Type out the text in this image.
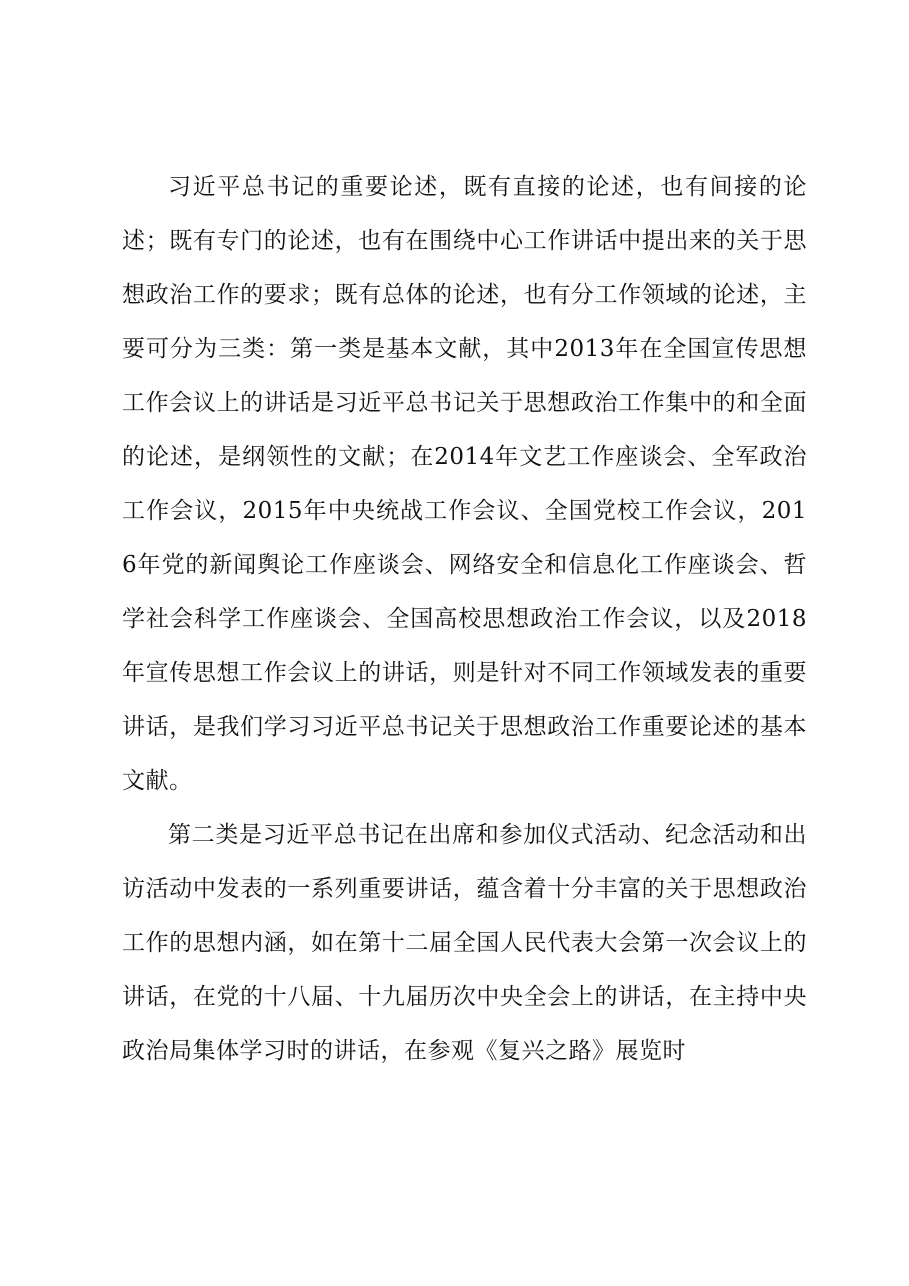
习近平总书记的重要论述，既有直接的论述，也有间接的论述；既有专门的论述，也有在围绕中心工作讲话中提出来的关于思想政治工作的要求；既有总体的论述，也有分工作领域的论述，主要可分为三类：第一类是基本文献，其中2013年在全国宣传思想工作会议上的讲话是习近平总书记关于思想政治工作集中的和全面的论述，是纲领性的文献；在2014年文艺工作座谈会、全军政治工作会议，2015年中央统战工作会议、全国党校工作会议，2016年党的新闻舆论工作座谈会、网络安全和信息化工作座谈会、哲学社会科学工作座谈会、全国高校思想政治工作会议，以及2018年宣传思想工作会议上的讲话，则是针对不同工作领域发表的重要讲话，是我们学习习近平总书记关于思想政治工作重要论述的基本文献。

第二类是习近平总书记在出席和参加仪式活动、纪念活动和出访活动中发表的一系列重要讲话，蕴含着十分丰富的关于思想政治工作的思想内涵，如在第十二届全国人民代表大会第一次会议上的讲话，在党的十八届、十九届历次中央全会上的讲话，在主持中央政治局集体学习时的讲话，在参观《复兴之路》展览时
